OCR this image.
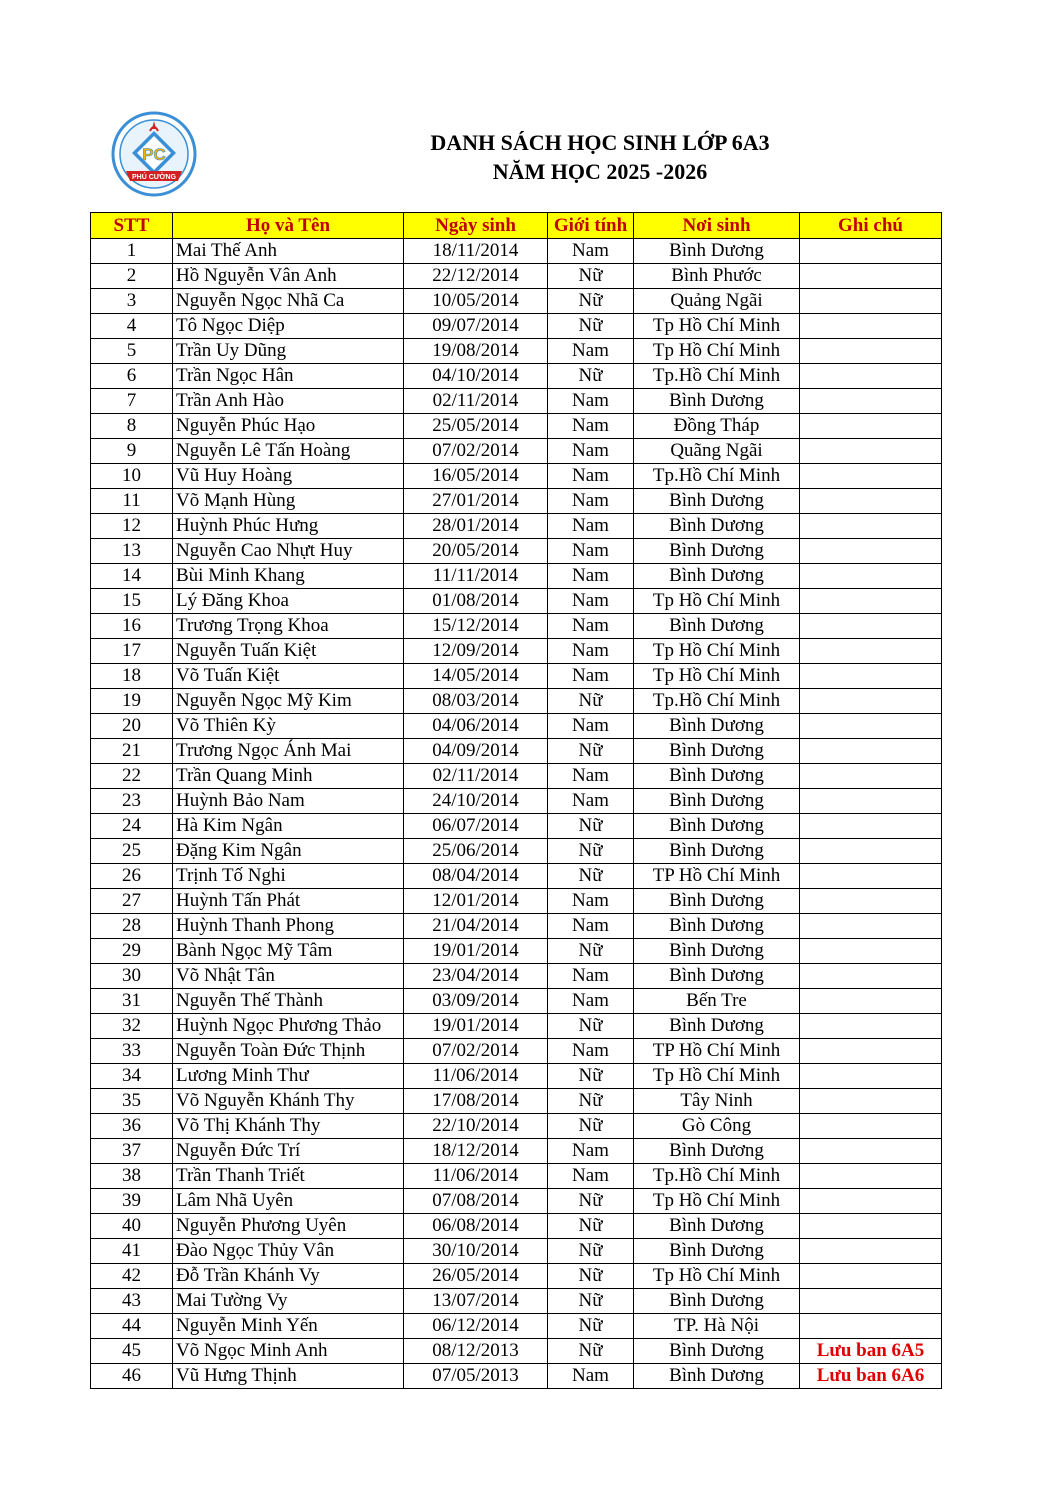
PC
PHÚ CƯỜNG
DANH SÁCH HỌC SINH LỚP 6A3
NĂM HỌC 2025 -2026
STT	Họ và Tên	Ngày sinh	Giới tính	Nơi sinh	Ghi chú
1	Mai Thế Anh	18/11/2014	Nam	Bình Dương	
2	Hồ Nguyễn Vân Anh	22/12/2014	Nữ	Bình Phước	
3	Nguyễn Ngọc Nhã Ca	10/05/2014	Nữ	Quảng Ngãi	
4	Tô Ngọc Diệp	09/07/2014	Nữ	Tp Hồ Chí Minh	
5	Trần Uy Dũng	19/08/2014	Nam	Tp Hồ Chí Minh	
6	Trần Ngọc Hân	04/10/2014	Nữ	Tp.Hồ Chí Minh	
7	Trần Anh Hào	02/11/2014	Nam	Bình Dương	
8	Nguyễn Phúc Hạo	25/05/2014	Nam	Đồng Tháp	
9	Nguyễn Lê Tấn Hoàng	07/02/2014	Nam	Quãng Ngãi	
10	Vũ Huy Hoàng	16/05/2014	Nam	Tp.Hồ Chí Minh	
11	Võ Mạnh Hùng	27/01/2014	Nam	Bình Dương	
12	Huỳnh Phúc Hưng	28/01/2014	Nam	Bình Dương	
13	Nguyễn Cao Nhựt Huy	20/05/2014	Nam	Bình Dương	
14	Bùi Minh Khang	11/11/2014	Nam	Bình Dương	
15	Lý Đăng Khoa	01/08/2014	Nam	Tp Hồ Chí Minh	
16	Trương Trọng Khoa	15/12/2014	Nam	Bình Dương	
17	Nguyễn Tuấn Kiệt	12/09/2014	Nam	Tp Hồ Chí Minh	
18	Võ Tuấn Kiệt	14/05/2014	Nam	Tp Hồ Chí Minh	
19	Nguyễn Ngọc Mỹ Kim	08/03/2014	Nữ	Tp.Hồ Chí Minh	
20	Võ Thiên Kỳ	04/06/2014	Nam	Bình Dương	
21	Trương Ngọc Ánh Mai	04/09/2014	Nữ	Bình Dương	
22	Trần Quang Minh	02/11/2014	Nam	Bình Dương	
23	Huỳnh Bảo Nam	24/10/2014	Nam	Bình Dương	
24	Hà Kim Ngân	06/07/2014	Nữ	Bình Dương	
25	Đặng Kim Ngân	25/06/2014	Nữ	Bình Dương	
26	Trịnh Tố Nghi	08/04/2014	Nữ	TP Hồ Chí Minh	
27	Huỳnh Tấn Phát	12/01/2014	Nam	Bình Dương	
28	Huỳnh Thanh Phong	21/04/2014	Nam	Bình Dương	
29	Bành Ngọc Mỹ Tâm	19/01/2014	Nữ	Bình Dương	
30	Võ Nhật Tân	23/04/2014	Nam	Bình Dương	
31	Nguyễn Thế Thành	03/09/2014	Nam	Bến Tre	
32	Huỳnh Ngọc Phương Thảo	19/01/2014	Nữ	Bình Dương	
33	Nguyễn Toàn Đức Thịnh	07/02/2014	Nam	TP Hồ Chí Minh	
34	Lương Minh Thư	11/06/2014	Nữ	Tp Hồ Chí Minh	
35	Võ Nguyễn Khánh Thy	17/08/2014	Nữ	Tây Ninh	
36	Võ Thị Khánh Thy	22/10/2014	Nữ	Gò Công	
37	Nguyễn Đức Trí	18/12/2014	Nam	Bình Dương	
38	Trần Thanh Triết	11/06/2014	Nam	Tp.Hồ Chí Minh	
39	Lâm Nhã Uyên	07/08/2014	Nữ	Tp Hồ Chí Minh	
40	Nguyễn Phương Uyên	06/08/2014	Nữ	Bình Dương	
41	Đào Ngọc Thủy Vân	30/10/2014	Nữ	Bình Dương	
42	Đỗ Trần Khánh Vy	26/05/2014	Nữ	Tp Hồ Chí Minh	
43	Mai Tường Vy	13/07/2014	Nữ	Bình Dương	
44	Nguyễn Minh Yến	06/12/2014	Nữ	TP. Hà Nội	
45	Võ Ngọc Minh Anh	08/12/2013	Nữ	Bình Dương	Lưu ban 6A5
46	Vũ Hưng Thịnh	07/05/2013	Nam	Bình Dương	Lưu ban 6A6
